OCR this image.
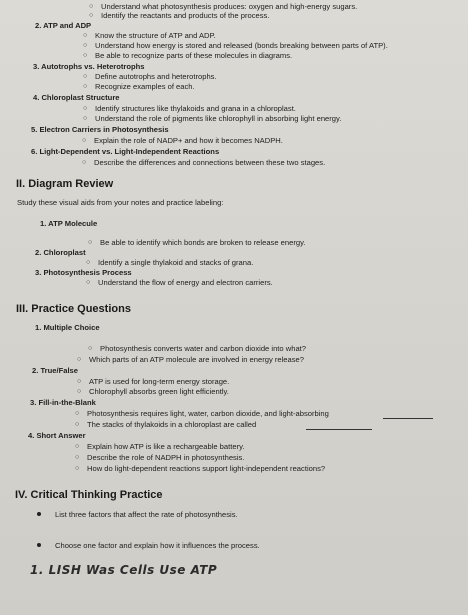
○ Understand what photosynthesis produces: oxygen and high-energy sugars.
○ Identify the reactants and products of the process.
2. ATP and ADP
○ Know the structure of ATP and ADP.
○ Understand how energy is stored and released (bonds breaking between parts of ATP).
○ Be able to recognize parts of these molecules in diagrams.
3. Autotrophs vs. Heterotrophs
○ Define autotrophs and heterotrophs.
○ Recognize examples of each.
4. Chloroplast Structure
○ Identify structures like thylakoids and grana in a chloroplast.
○ Understand the role of pigments like chlorophyll in absorbing light energy.
5. Electron Carriers in Photosynthesis
○ Explain the role of NADP+ and how it becomes NADPH.
6. Light-Dependent vs. Light-Independent Reactions
○ Describe the differences and connections between these two stages.
II. Diagram Review
Study these visual aids from your notes and practice labeling:
1. ATP Molecule
○ Be able to identify which bonds are broken to release energy.
2. Chloroplast
○ Identify a single thylakoid and stacks of grana.
3. Photosynthesis Process
○ Understand the flow of energy and electron carriers.
III. Practice Questions
1. Multiple Choice
○ Photosynthesis converts water and carbon dioxide into what?
○ Which parts of an ATP molecule are involved in energy release?
2. True/False
○ ATP is used for long-term energy storage.
○ Chlorophyll absorbs green light efficiently.
3. Fill-in-the-Blank
○ Photosynthesis requires light, water, carbon dioxide, and light-absorbing
○ The stacks of thylakoids in a chloroplast are called
4. Short Answer
○ Explain how ATP is like a rechargeable battery.
○ Describe the role of NADPH in photosynthesis.
○ How do light-dependent reactions support light-independent reactions?
IV. Critical Thinking Practice
List three factors that affect the rate of photosynthesis.
Choose one factor and explain how it influences the process.
1. LISH Was Cells Use ATP
